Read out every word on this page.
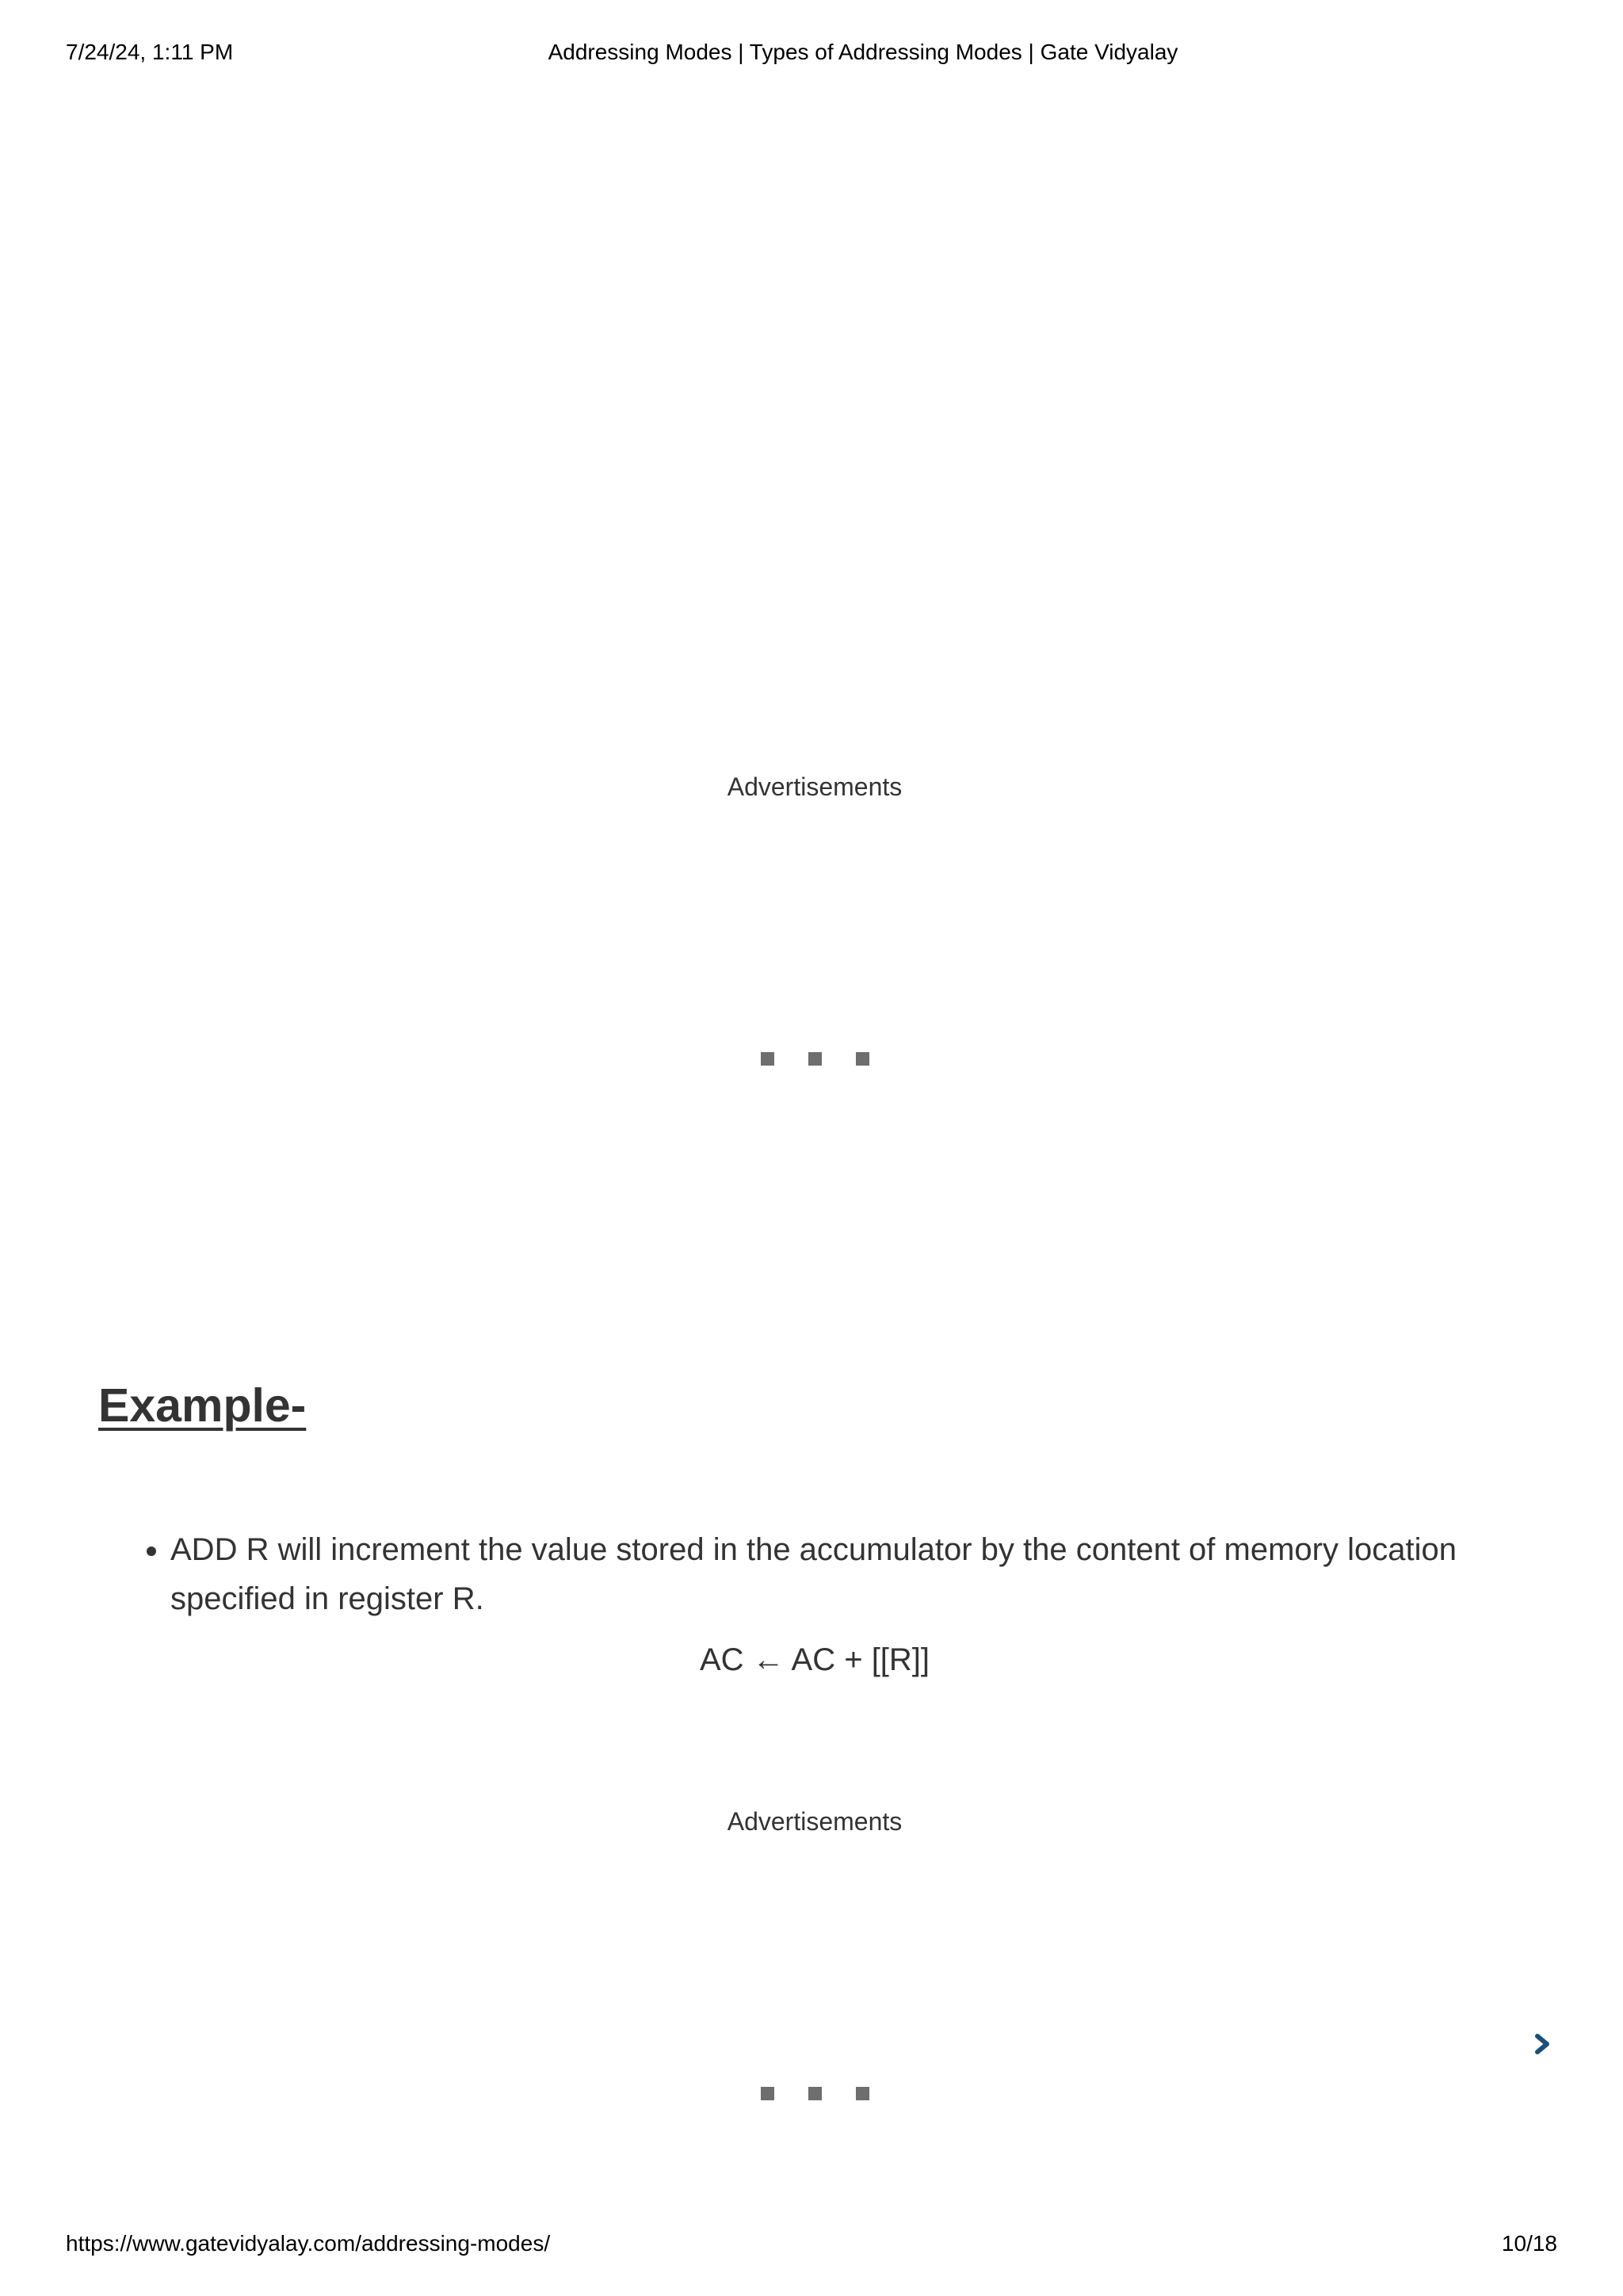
7/24/24, 1:11 PM	Addressing Modes | Types of Addressing Modes | Gate Vidyalay
Advertisements
Example-
• ADD R will increment the value stored in the accumulator by the content of memory location specified in register R.
AC ← AC + [[R]]
Advertisements
https://www.gatevidyalay.com/addressing-modes/	10/18
